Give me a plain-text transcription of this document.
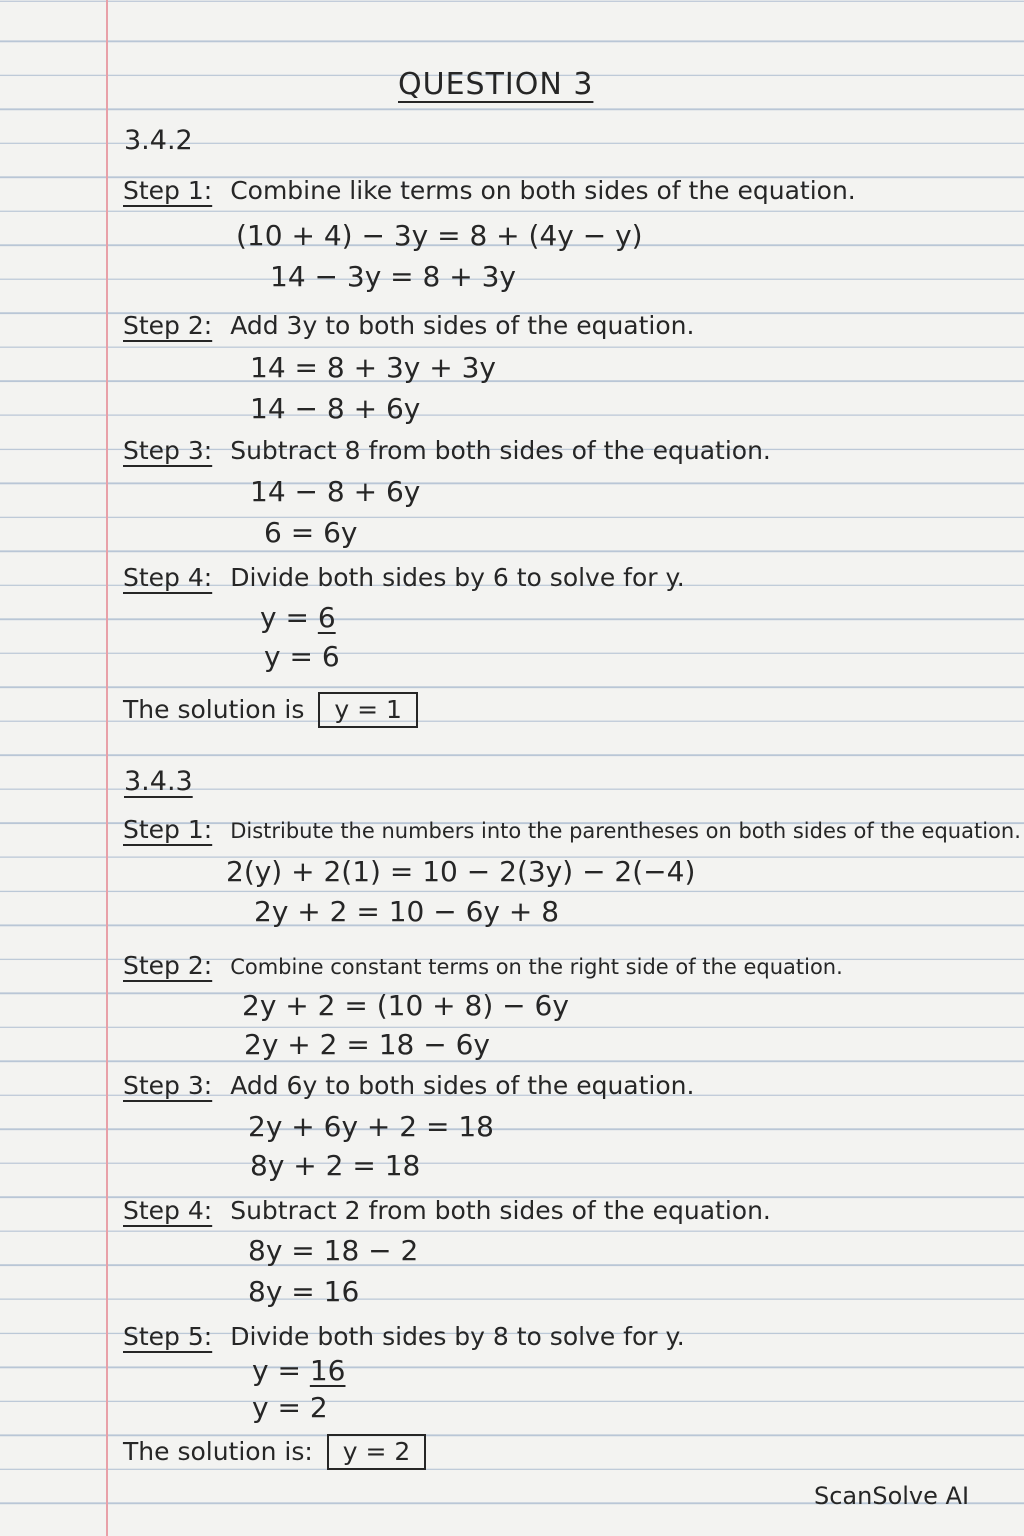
QUESTION 3
3.4.2
Step 1: Combine like terms on both sides of the equation.
(10 + 4) − 3y = 8 + (4y − y)
14 − 3y = 8 + 3y
Step 2: Add 3y to both sides of the equation.
14 = 8 + 3y + 3y
14 − 8 + 6y
Step 3: Subtract 8 from both sides of the equation.
14 − 8 + 6y
6 = 6y
Step 4: Divide both sides by 6 to solve for y.
y = 6
y = 6
The solution is y = 1
3.4.3
Step 1: Distribute the numbers into the parentheses on both sides of the equation.
2(y) + 2(1) = 10 − 2(3y) − 2(−4)
2y + 2 = 10 − 6y + 8
Step 2: Combine constant terms on the right side of the equation.
2y + 2 = (10 + 8) − 6y
2y + 2 = 18 − 6y
Step 3: Add 6y to both sides of the equation.
2y + 6y + 2 = 18
8y + 2 = 18
Step 4: Subtract 2 from both sides of the equation.
8y = 18 − 2
8y = 16
Step 5: Divide both sides by 8 to solve for y.
y = 16
y = 2
The solution is: y = 2
ScanSolve AI
